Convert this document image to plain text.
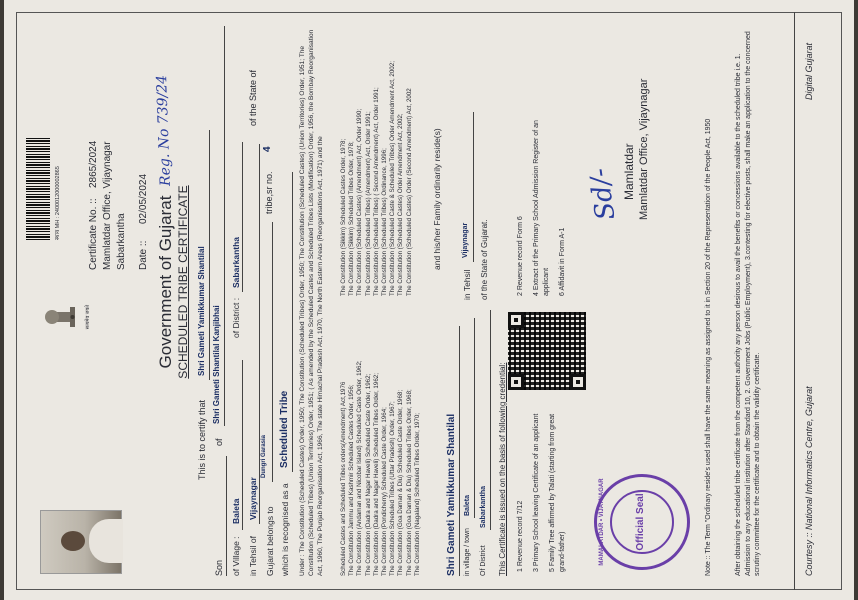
सत्यमेव जयते
स्थाय MH : 2400012000002865	Certificate No. ::
2865/2024 Mamlatdar Office, Vijaynagar Sabarkantha Date ::
02/05/2024
Reg. No 739/24
Government of Gujarat SCHEDULED TRIBE CERTIFICATE
This is to certify that
Shri Gameti Yamikkumar Shantilal
Son
of
Shri Gameti Shantilal Kanjibhai
of Village :
Baleta
of District :
Sabarkantha
in Tehsil of
Vijaynagar
of the State of
Gujarat belongs to
Dungri Garasia
tribe,sr no.
4
which is recognised as a
Scheduled Tribe Under : The Constitution (Scheduled Castes) Order, 1950; The Constitution (Scheduled Tribes) Order, 1950; The Constitution (Scheduled Castes) (Union Territories) Order, 1951; The Constitution (Scheduled Tribes) (Union Territories) Order, 1951; ( As amended by the Scheduled Castes and Scheduled Tribes Lists (Modification) Order, 1956, the Bombay Reorganisation Act, 1960, The Punjab Reorganisation Act, 1966, The state Himachal Pradesh Act, 1970, The North Eastern Areas (Reorganisations Act, 1971) and the	Scheduled Castes and Scheduled Tribes orders(Amendment) Act,1976 The Constitution Jammu and Kashmir Scheduled Castes Order, 1956; The Constitution (Andaman and Nicobar Island) Scheduled Caste Order, 1962; The Constitution (Dadra and Nagar Haveli) Scheduled Caste Order, 1962; The Constitution (Dadra and Nagar Haveli) Scheduled Tribes Order, 1962; The Constitution (Pondicherry) Scheduled Caste Order, 1964; The Constitution Scheduled Tribes (Uttar Pradesh) Order, 1967; The Constitution (Goa Daman & Diu) Scheduled Caste Order, 1968; The Constitution (Goa Daman & Diu) Scheduled Tribes Order, 1968; The Constitution (Nagaland) Scheduled Tribes Order, 1970;
The Constitution (Sikkim) Scheduled Castes Order, 1978; The Constitution (Sikkim) Scheduled Tribes Order, 1978; The Constitution (Scheduled Castes) (Amendment) Act, Order 1990; The Constitution (Scheduled Tribes) (Amendment) Act, Order 1991; The Constitution (Scheduled Tribes) ( Second Amendment) Act, Order 1991; The Constitution (Scheduled Tribes) Ordinance, 1996; The Constitution (Scheduled Caste & Scheduled Tribes) Order Amendment Act, 2002; The Constitution (Scheduled Castes) Order Amendment Act, 2002; The Constitution (Scheduled Castes) Order (Second Amendment) Act, 2002 and his/her Family ordinarily reside(s)
Shri Gameti Yamikkumar Shantilal in village / town
Baleta
in Tehsil
Vijaynagar
Of District
Sabarkantha
of the State of Gujarat.
This Certificate is issued on the basis of following credential: 1 Revenue record 7/12 3 Primary School leaving Certificate of an applicant 5 Family Tree affirmed by Talati (starting from great grand-father)
2 Revenue record Form 6 4 Extract of the Primary School Admission Register of an applicant 6 Affidavit in Form A-1
MAMALATDAR • VIJAYNAGAR	Official Seal
Sd/- Mamlatdar Mamlatdar Office, Vijaynagar	Note :: The Term "Ordinary reside's used shall have the same meaning as assigned to it in Section 20 of the Representation of the People Act, 1950	After obtaining the scheduled tribe certificate from the competent authority any person desirous to avail the benefits or concessions available to the scheduled tribe i.e. 1. Admission to any educational institution after Standard 10, 2. Government Jobs (Public Employment), 3.contesting for elective posts, shall make an application to the concerned scrutiny committee for the certificate and to obtain the validity certificate.	Courtesy :: National Informatics Centre, Gujarat
Digital Gujarat
